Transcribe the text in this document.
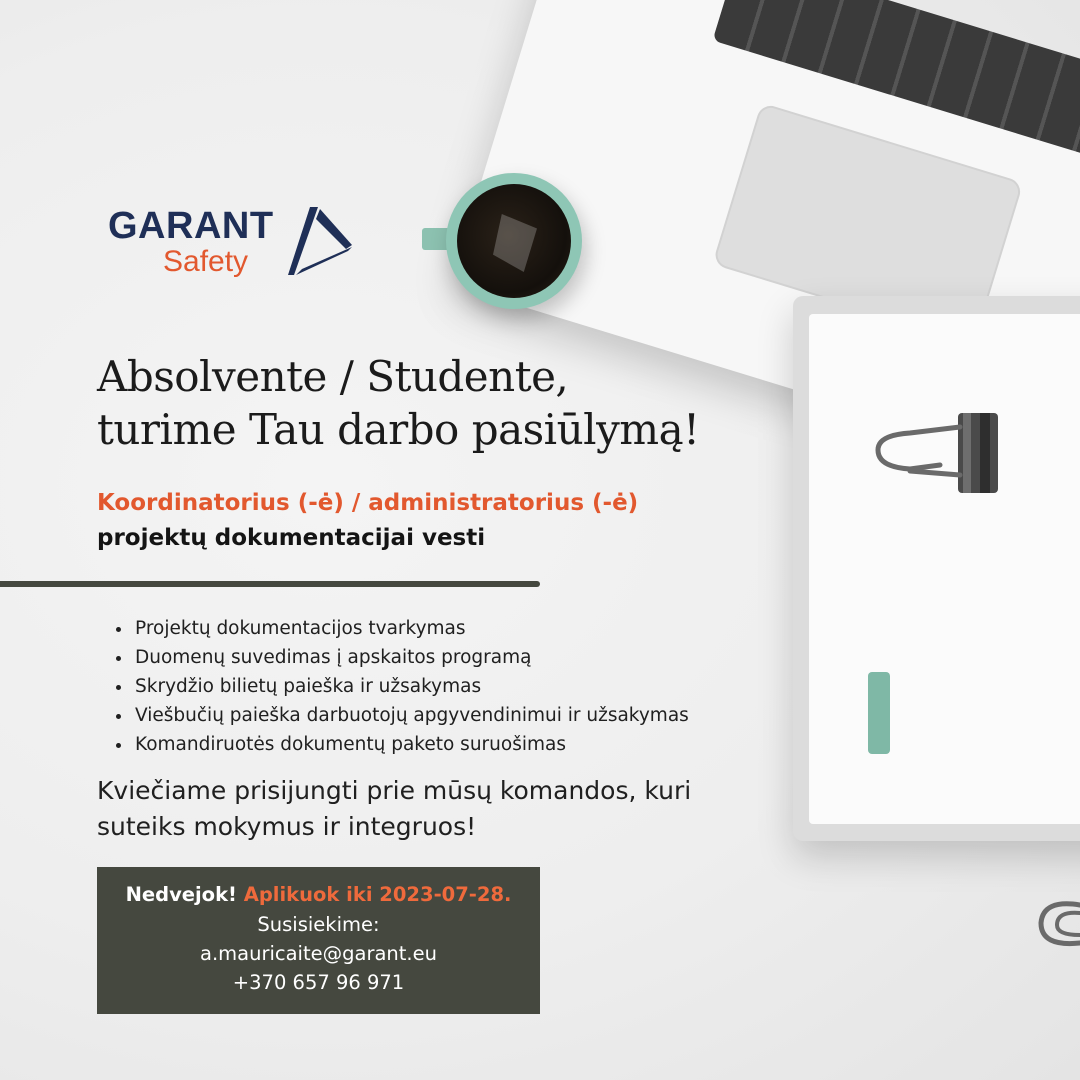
GARANT
Safety
Absolvente / Studente,
turime Tau darbo pasiūlymą!

Koordinatorius (-ė) / administratorius (-ė)

projektų dokumentacijai vesti

• Projektų dokumentacijos tvarkymas
• Duomenų suvedimas į apskaitos programą
• Skrydžio bilietų paieška ir užsakymas
• Viešbučių paieška darbuotojų apgyvendinimui ir užsakymas
• Komandiruotės dokumentų paketo suruošimas

Kviečiame prisijungti prie mūsų komandos, kuri
suteiks mokymus ir integruos!

Nedvejok! Aplikuok iki 2023-07-28.
Susisiekime:
a.mauricaite@garant.eu
+370 657 96 971
